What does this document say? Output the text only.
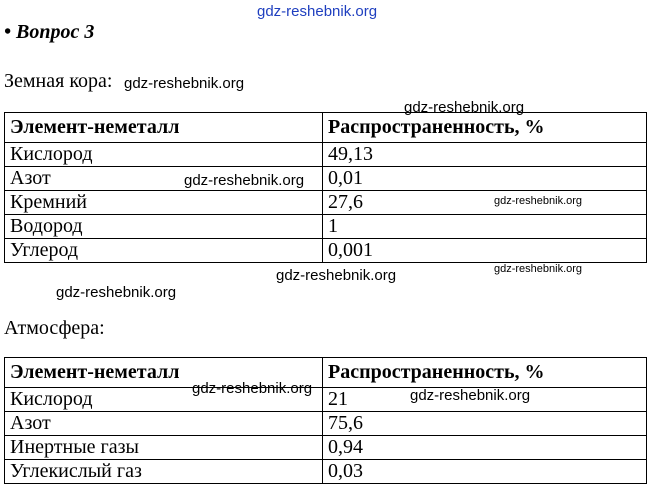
gdz-reshebnik.org
• Вопрос 3
Земная кора: gdz-reshebnik.org
gdz-reshebnik.org
Элемент-неметалл	Распространенность, %
Кислород	49,13
Азот	0,01
Кремний	27,6
Водород	1
Углерод	0,001
gdz-reshebnik.org
gdz-reshebnik.org
gdz-reshebnik.org	gdz-reshebnik.org
gdz-reshebnik.org
Атмосфера:
Элемент-неметалл	Распространенность, %
Кислород	21
Азот	75,6
Инертные газы	0,94
Углекислый газ	0,03
gdz-reshebnik.org	gdz-reshebnik.org
